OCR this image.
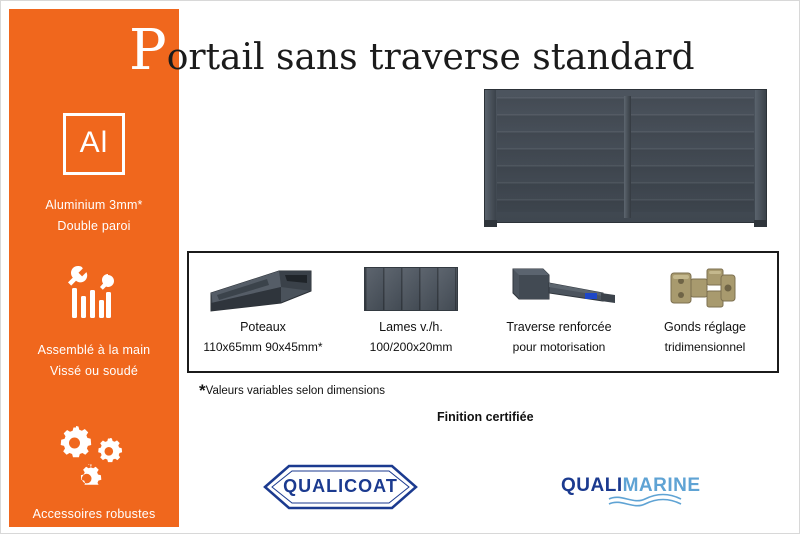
Al
Aluminium 3mm*
Double paroi
Assemblé à la main
Vissé ou soudé
Accessoires robustes
Portail sans traverse standard
Poteaux
110x65mm 90x45mm*
Lames v./h.
100/200x20mm
Traverse renforcée
pour motorisation
Gonds réglage
tridimensionnel
*Valeurs variables selon dimensions
Finition certifiée
QUALICOAT	QUALIMARINE
